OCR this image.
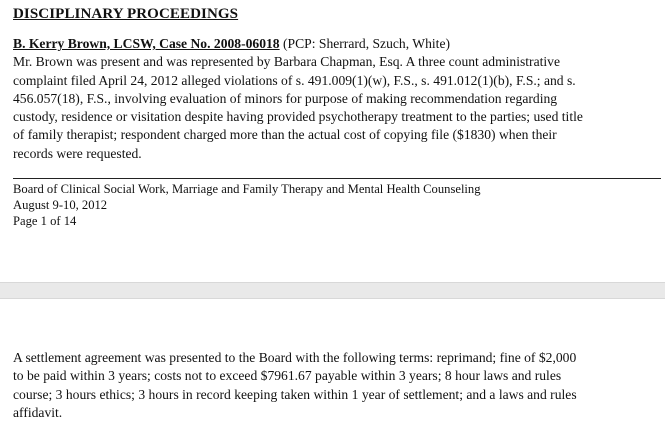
DISCIPLINARY PROCEEDINGS
B. Kerry Brown, LCSW, Case No. 2008-06018 (PCP: Sherrard, Szuch, White)
Mr. Brown was present and was represented by Barbara Chapman, Esq. A three count administrative
complaint filed April 24, 2012 alleged violations of s. 491.009(1)(w), F.S., s. 491.012(1)(b), F.S.; and s.
456.057(18), F.S., involving evaluation of minors for purpose of making recommendation regarding
custody, residence or visitation despite having provided psychotherapy treatment to the parties; used title
of family therapist; respondent charged more than the actual cost of copying file ($1830) when their
records were requested.
Board of Clinical Social Work, Marriage and Family Therapy and Mental Health Counseling
August 9-10, 2012
Page 1 of 14
A settlement agreement was presented to the Board with the following terms: reprimand; fine of $2,000
to be paid within 3 years; costs not to exceed $7961.67 payable within 3 years; 8 hour laws and rules
course; 3 hours ethics; 3 hours in record keeping taken within 1 year of settlement; and a laws and rules
affidavit.
